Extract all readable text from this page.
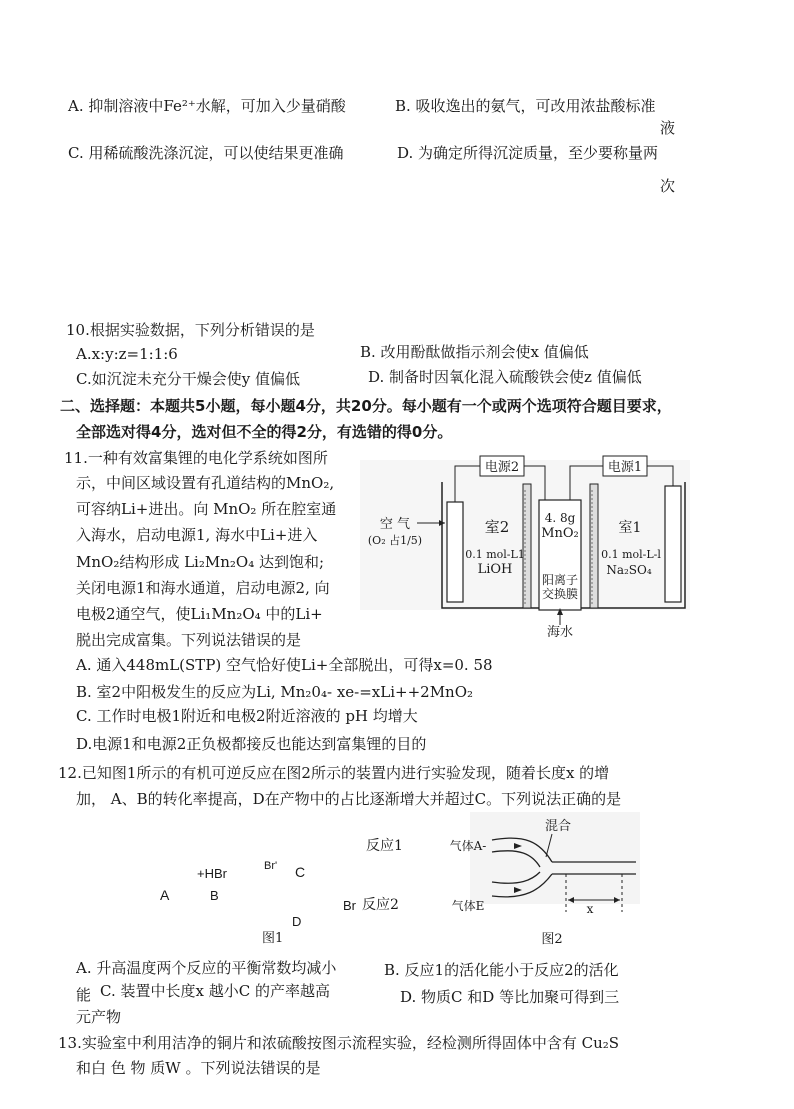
A. 抑制溶液中Fe²⁺水解，可加入少量硝酸	B. 吸收逸出的氨气，可改用浓盐酸标准
液
C. 用稀硫酸洗涤沉淀，可以使结果更准确	D. 为确定所得沉淀质量，至少要称量两
次
10.根据实验数据，下列分析错误的是
A.x:y:z=1:1:6	B. 改用酚酞做指示剂会使x 值偏低
C.如沉淀未充分干燥会使y 值偏低	D. 制备时因氧化混入硫酸铁会使z 值偏低
二、选择题：本题共5小题，每小题4分，共20分。每小题有一个或两个选项符合题目要求，
全部选对得4分，选对但不全的得2分，有选错的得0分。
11.一种有效富集锂的电化学系统如图所
示，中间区域设置有孔道结构的MnO₂,
可容纳Li+进出。向 MnO₂ 所在腔室通
入海水，启动电源1, 海水中Li+进入
MnO₂结构形成 Li₂Mn₂O₄ 达到饱和;
关闭电源1和海水通道，启动电源2, 向
电极2通空气，使Li₁Mn₂O₄ 中的Li+
脱出完成富集。下列说法错误的是
电源2	电源1
空 气
(O₂ 占1/5)
室2
0.1 mol-L1
LiOH
4. 8g
MnO₂	室1
0.1 mol-L-l
Na₂SO₄
阳离子
交换膜
海水
A. 通入448mL(STP) 空气恰好使Li+全部脱出，可得x=0. 58
B. 室2中阳极发生的反应为Li, Mn₂0₄- xe-=xLi++2MnO₂
C. 工作时电极1附近和电极2附近溶液的 pH 均增大
D.电源1和电源2正负极都接反也能达到富集锂的目的
12.已知图1所示的有机可逆反应在图2所示的装置内进行实验发现，随着长度x 的增
加， A、B的转化率提高，D在产物中的占比逐渐增大并超过C。下列说法正确的是
+HBr	Br' C
A	B
Br
D
反应1
反应2
图1
混合
气体A-
气体E	x
图2
A. 升高温度两个反应的平衡常数均减小	B. 反应1的活化能小于反应2的活化
能 C. 装置中长度x 越小C 的产率越高	D. 物质C 和D 等比加聚可得到三
元产物
13.实验室中利用洁净的铜片和浓硫酸按图示流程实验，经检测所得固体中含有 Cu₂S
和白 色 物 质W 。下列说法错误的是
